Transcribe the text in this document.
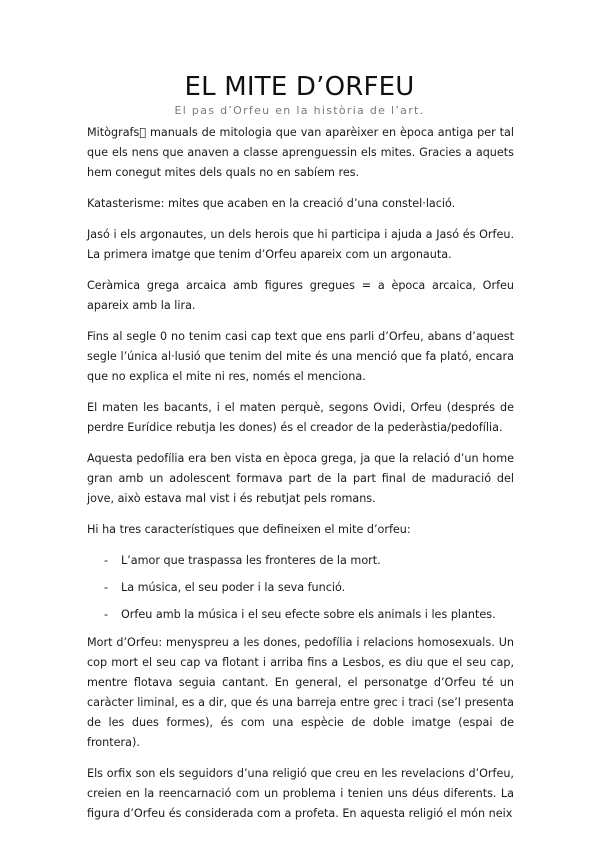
EL MITE D’ORFEU
El pas d’Orfeu en la història de l’art.

Mitògrafs manuals de mitologia que van aparèixer en època antiga per tal que els nens que anaven a classe aprenguessin els mites. Gracies a aquets hem conegut mites dels quals no en sabíem res.

Katasterisme: mites que acaben en la creació d’una constel·lació.

Jasó i els argonautes, un dels herois que hi participa i ajuda a Jasó és Orfeu. La primera imatge que tenim d’Orfeu apareix com un argonauta.

Ceràmica grega arcaica amb figures gregues = a època arcaica, Orfeu apareix amb la lira.

Fins al segle 0 no tenim casi cap text que ens parli d’Orfeu, abans d’aquest segle l’única al·lusió que tenim del mite és una menció que fa plató, encara que no explica el mite ni res, només el menciona.

El maten les bacants, i el maten perquè, segons Ovidi, Orfeu (després de perdre Eurídice rebutja les dones) és el creador de la pederàstia/pedofília.

Aquesta pedofília era ben vista en època grega, ja que la relació d’un home gran amb un adolescent formava part de la part final de maduració del jove, això estava mal vist i és rebutjat pels romans.

Hi ha tres característiques que defineixen el mite d’orfeu:

- L’amor que traspassa les fronteres de la mort.
- La música, el seu poder i la seva funció.
- Orfeu amb la música i el seu efecte sobre els animals i les plantes.

Mort d’Orfeu: menyspreu a les dones, pedofília i relacions homosexuals. Un cop mort el seu cap va flotant i arriba fins a Lesbos, es diu que el seu cap, mentre flotava seguia cantant. En general, el personatge d’Orfeu té un caràcter liminal, es a dir, que és una barreja entre grec i traci (se’l presenta de les dues formes), és com una espècie de doble imatge (espai de frontera).

Els orfix son els seguidors d’una religió que creu en les revelacions d’Orfeu, creien en la reencarnació com un problema i tenien uns déus diferents. La figura d’Orfeu és considerada com a profeta. En aquesta religió el món neix
